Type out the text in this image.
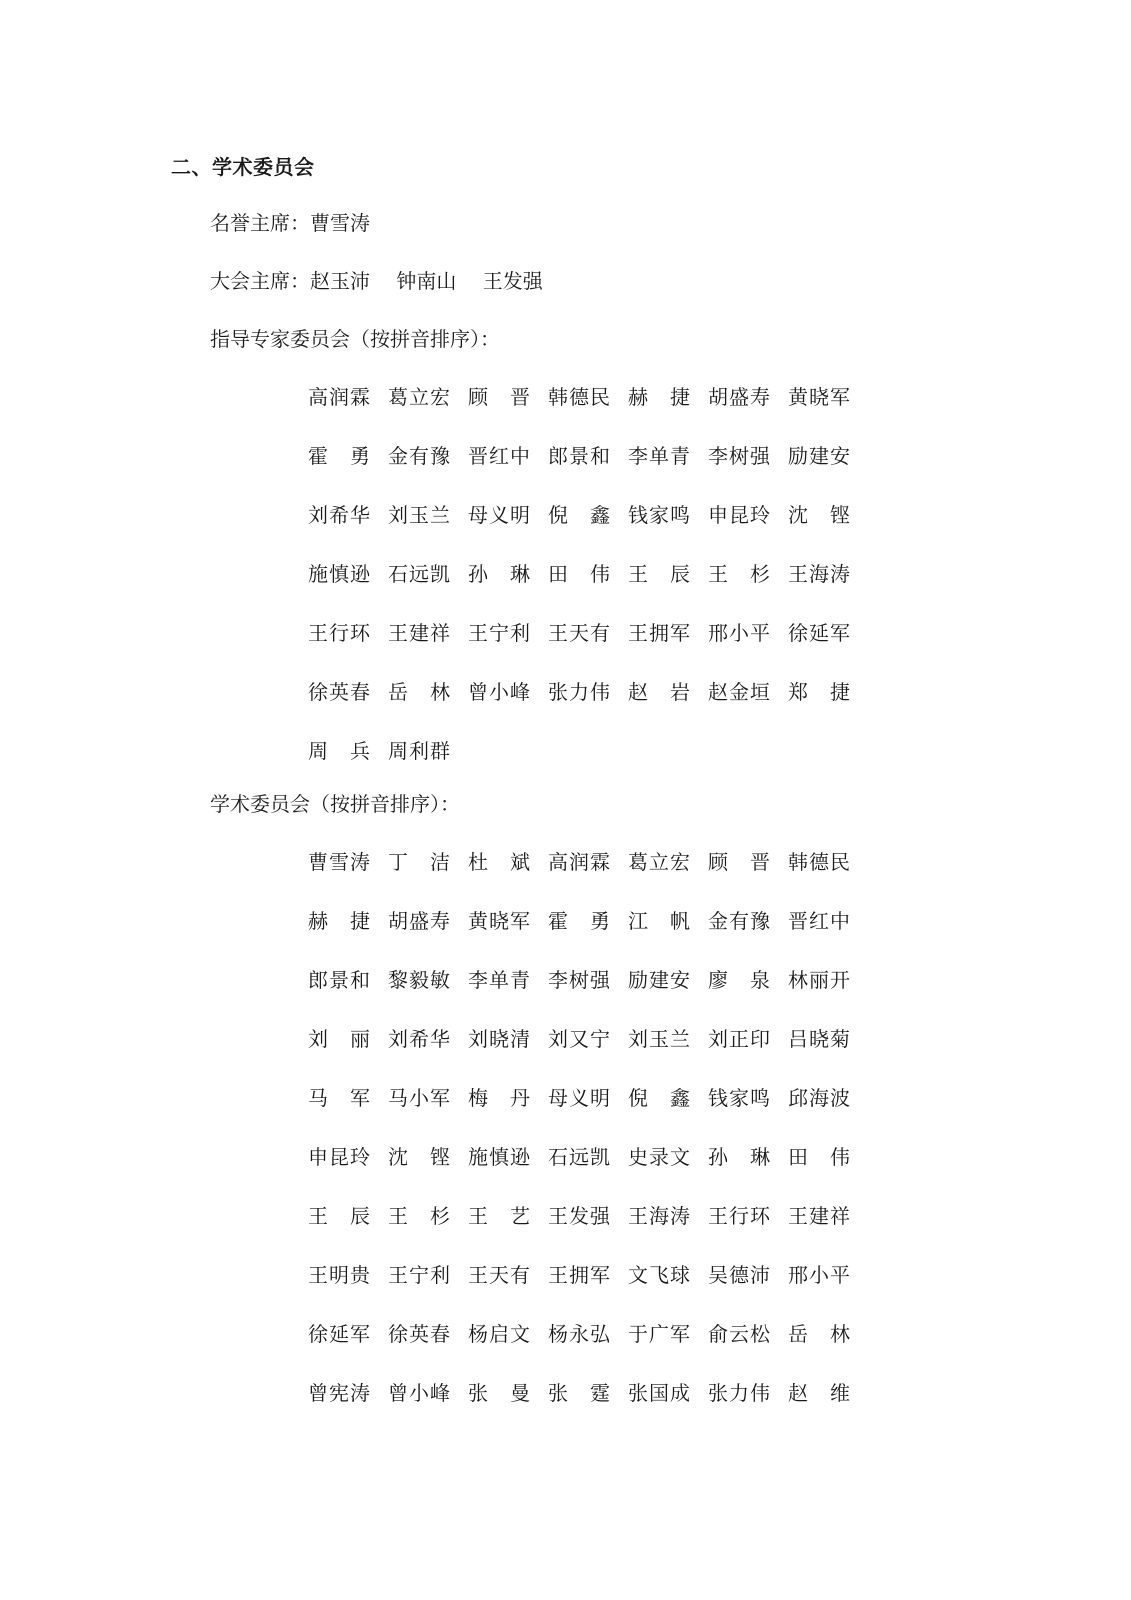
二、学术委员会
名誉主席：曹雪涛
大会主席：赵玉沛　 钟南山　 王发强
指导专家委员会（按拼音排序）：
高润霖 葛立宏 顾 晋 韩德民 赫 捷 胡盛寿 黄晓军
霍 勇 金有豫 晋红中 郎景和 李单青 李树强 励建安
刘希华 刘玉兰 母义明 倪 鑫 钱家鸣 申昆玲 沈 铿
施慎逊 石远凯 孙 琳 田 伟 王 辰 王 杉 王海涛
王行环 王建祥 王宁利 王天有 王拥军 邢小平 徐延军
徐英春 岳 林 曾小峰 张力伟 赵 岩 赵金垣 郑 捷
周 兵 周利群
学术委员会（按拼音排序）：
曹雪涛 丁 洁 杜 斌 高润霖 葛立宏 顾 晋 韩德民
赫 捷 胡盛寿 黄晓军 霍 勇 江 帆 金有豫 晋红中
郎景和 黎毅敏 李单青 李树强 励建安 廖 泉 林丽开
刘 丽 刘希华 刘晓清 刘又宁 刘玉兰 刘正印 吕晓菊
马 军 马小军 梅 丹 母义明 倪 鑫 钱家鸣 邱海波
申昆玲 沈 铿 施慎逊 石远凯 史录文 孙 琳 田 伟
王 辰 王 杉 王 艺 王发强 王海涛 王行环 王建祥
王明贵 王宁利 王天有 王拥军 文飞球 吴德沛 邢小平
徐延军 徐英春 杨启文 杨永弘 于广军 俞云松 岳 林
曾宪涛 曾小峰 张 曼 张 霆 张国成 张力伟 赵 维
